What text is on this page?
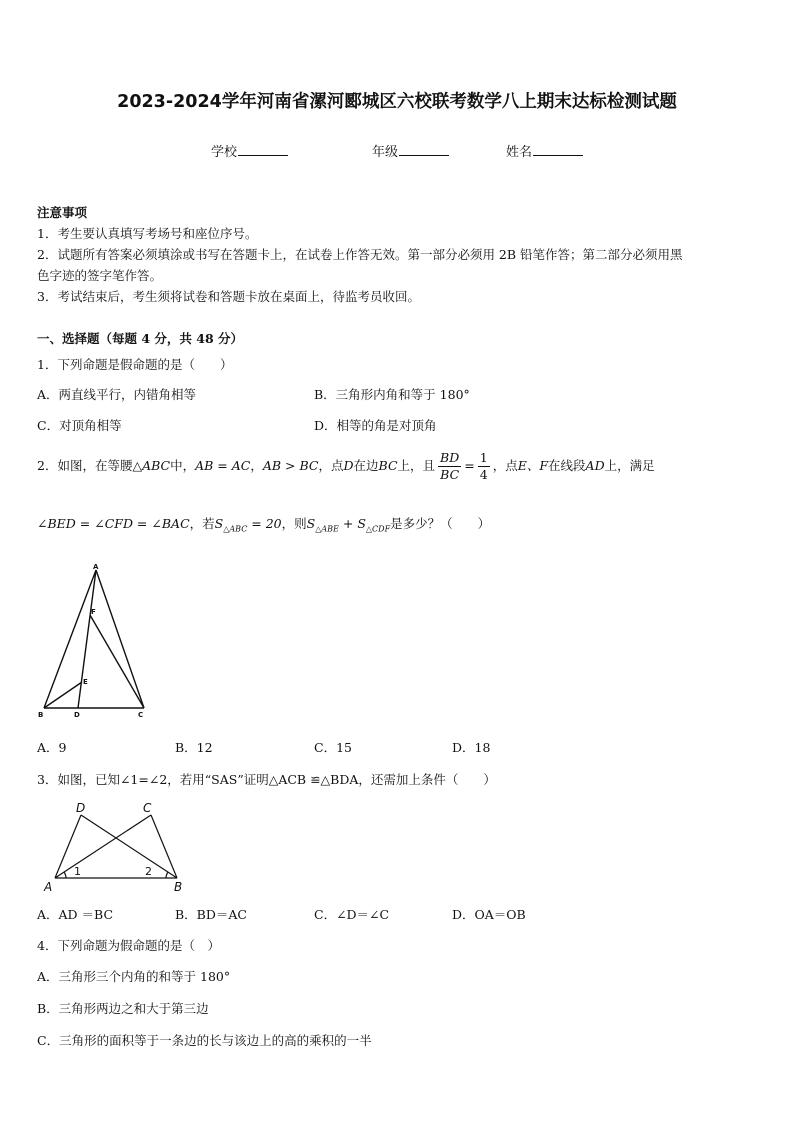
2023-2024学年河南省漯河郾城区六校联考数学八上期末达标检测试题
学校	年级	姓名
注意事项
1．考生要认真填写考场号和座位序号。
2．试题所有答案必须填涂或书写在答题卡上，在试卷上作答无效。第一部分必须用 2B 铅笔作答；第二部分必须用黑
色字迹的签字笔作答。
3．考试结束后，考生须将试卷和答题卡放在桌面上，待监考员收回。
一、选择题（每题 4 分，共 48 分）
1．下列命题是假命题的是（　　）
A．两直线平行，内错角相等	B．三角形内角和等于 180°
C．对顶角相等	D．相等的角是对顶角
2．如图，在等腰△ABC中，AB = AC，AB > BC，点D在边BC上，且 $\frac{BD}{BC} = \frac{1}{4}$ ，点E、F在线段AD上，满足
∠BED = ∠CFD = ∠BAC，若$S_{\triangle ABC} = 20$，则$S_{\triangle ABE} + S_{\triangle CDF}$是多少？（　　）
A
F
E
B	D	C
A．9	B．12	C．15	D．18
3．如图，已知∠1=∠2，若用“SAS”证明△ACB ≌△BDA，还需加上条件（　　）
D	C
A	B
1	2
A．AD ＝BC	B．BD＝AC	C．∠D＝∠C	D．OA＝OB
4．下列命题为假命题的是（　）
A．三角形三个内角的和等于 180°
B．三角形两边之和大于第三边
C．三角形的面积等于一条边的长与该边上的高的乘积的一半
